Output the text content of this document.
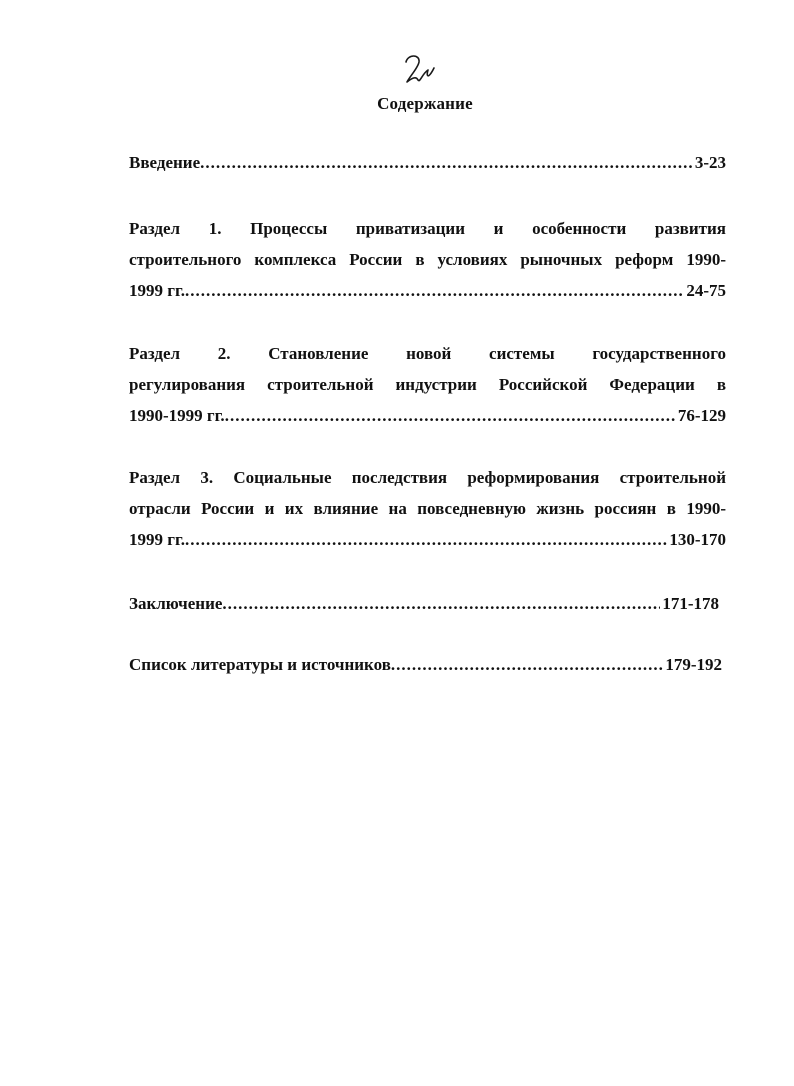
Содержание
Введение .....	3-23
Раздел 1. Процессы приватизации и особенности развития
строительного комплекса России в условиях рыночных реформ 1990-
1999 гг. .....	24-75
Раздел 2. Становление новой системы государственного
регулирования строительной индустрии Российской Федерации в
1990-1999 гг. .....	76-129
Раздел 3. Социальные последствия реформирования строительной
отрасли России и их влияние на повседневную жизнь россиян в 1990-
1999 гг. .....	130-170
Заключение .....	171-178
Список литературы и источников .....	179-192
